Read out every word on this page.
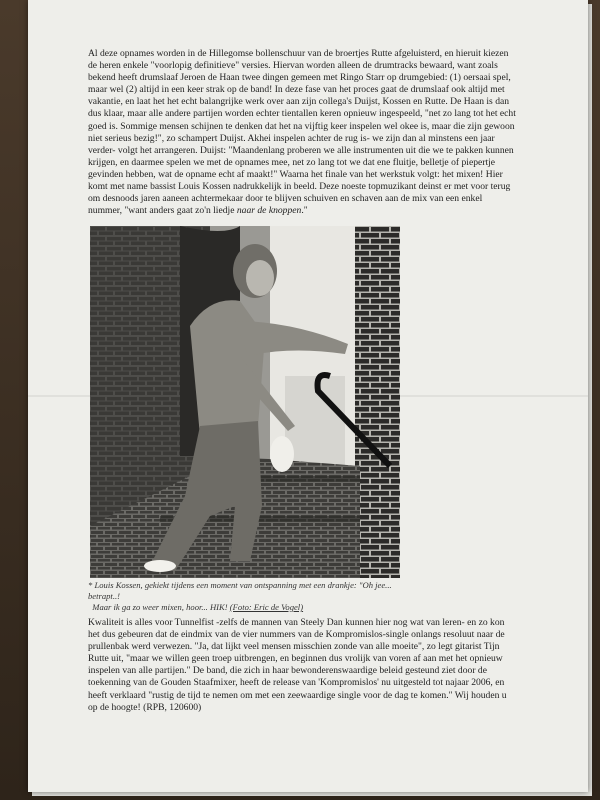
Al deze opnames worden in de Hillegomse bollenschuur van de broertjes Rutte afgeluisterd, en hieruit kiezen de heren enkele "voorlopig definitieve" versies. Hiervan worden alleen de drumtracks bewaard, want zoals bekend heeft drumslaaf Jeroen de Haan twee dingen gemeen met Ringo Starr op drumgebied: (1) oersaai spel, maar wel (2) altijd in een keer strak op de band! In deze fase van het proces gaat de drumslaaf ook altijd met vakantie, en laat het het echt balangrijke werk over aan zijn collega's Duijst, Kossen en Rutte. De Haan is dan dus klaar, maar alle andere partijen worden echter tientallen keren opnieuw ingespeeld, "net zo lang tot het echt goed is. Sommige mensen schijnen te denken dat het na vijftig keer inspelen wel okee is, maar die zijn gewoon niet serieus bezig!", zo schampert Duijst. Akhei inspelen achter de rug is- we zijn dan al minstens een jaar verder- volgt het arrangeren. Duijst: "Maandenlang proberen we alle instrumenten uit die we te pakken kunnen krijgen, en daarmee spelen we met de opnames mee, net zo lang tot we dat ene fluitje, belletje of piepertje gevinden hebben, wat de opname echt af maakt!" Waarna het finale van het werkstuk volgt: het mixen! Hier komt met name bassist Louis Kossen nadrukkelijk in beeld. Deze noeste topmuzikant deinst er met voor terug om desnoods jaren aaneen achtermekaar door te blijven schuiven en schaven aan de mix van een enkel nummer, "want anders gaat zo'n liedje naar de knoppen."
* Louis Kossen, gekiekt tijdens een moment van ontspanning met een drankje: "Oh jee... betrapt..!
Maar ik ga zo weer mixen, hoor... HIK! (Foto: Eric de Vogel)
Kwaliteit is alles voor Tunnelfist -zelfs de mannen van Steely Dan kunnen hier nog wat van leren- en zo kon het dus gebeuren dat de eindmix van de vier nummers van de Kompromislos-single onlangs resoluut naar de prullenbak werd verwezen. "Ja, dat lijkt veel mensen misschien zonde van alle moeite", zo legt gitarist Tijn Rutte uit, "maar we willen geen troep uitbrengen, en beginnen dus vrolijk van voren af aan met het opnieuw inspelen van alle partijen." De band, die zich in haar bewonderenswaardige beleid gesteund ziet door de toekenning van de Gouden Staafmixer, heeft de release van 'Kompromislos' nu uitgesteld tot najaar 2006, en heeft verklaard "rustig de tijd te nemen om met een zeewaardige single voor de dag te komen." Wij houden u op de hoogte! (RPB, 120600)
